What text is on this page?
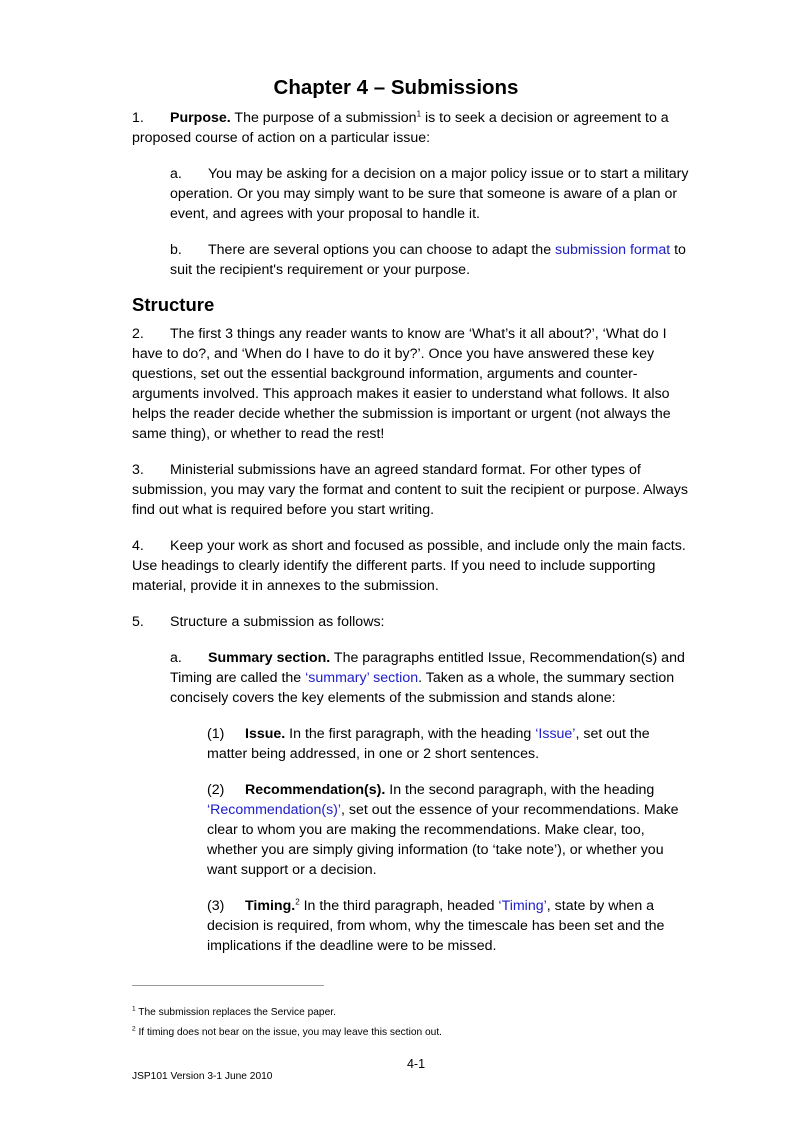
Chapter 4 – Submissions

1. Purpose. The purpose of a submission$^1$ is to seek a decision or agreement to a proposed course of action on a particular issue:

a. You may be asking for a decision on a major policy issue or to start a military operation. Or you may simply want to be sure that someone is aware of a plan or event, and agrees with your proposal to handle it.

b. There are several options you can choose to adapt the submission format to suit the recipient's requirement or your purpose.

Structure

2. The first 3 things any reader wants to know are ‘What’s it all about?’, ‘What do I have to do?, and ‘When do I have to do it by?’. Once you have answered these key questions, set out the essential background information, arguments and counter-arguments involved. This approach makes it easier to understand what follows. It also helps the reader decide whether the submission is important or urgent (not always the same thing), or whether to read the rest!

3. Ministerial submissions have an agreed standard format. For other types of submission, you may vary the format and content to suit the recipient or purpose. Always find out what is required before you start writing.

4. Keep your work as short and focused as possible, and include only the main facts. Use headings to clearly identify the different parts. If you need to include supporting material, provide it in annexes to the submission.

5. Structure a submission as follows:

a. Summary section. The paragraphs entitled Issue, Recommendation(s) and Timing are called the ‘summary’ section. Taken as a whole, the summary section concisely covers the key elements of the submission and stands alone:

(1) Issue. In the first paragraph, with the heading ‘Issue’, set out the matter being addressed, in one or 2 short sentences.

(2) Recommendation(s). In the second paragraph, with the heading ‘Recommendation(s)’, set out the essence of your recommendations. Make clear to whom you are making the recommendations. Make clear, too, whether you are simply giving information (to ‘take note’), or whether you want support or a decision.

(3) Timing.$^2$ In the third paragraph, headed ‘Timing’, state by when a decision is required, from whom, why the timescale has been set and the implications if the deadline were to be missed.

$^1$ The submission replaces the Service paper.
$^2$ If timing does not bear on the issue, you may leave this section out.
4-1
JSP101 Version 3-1 June 2010
